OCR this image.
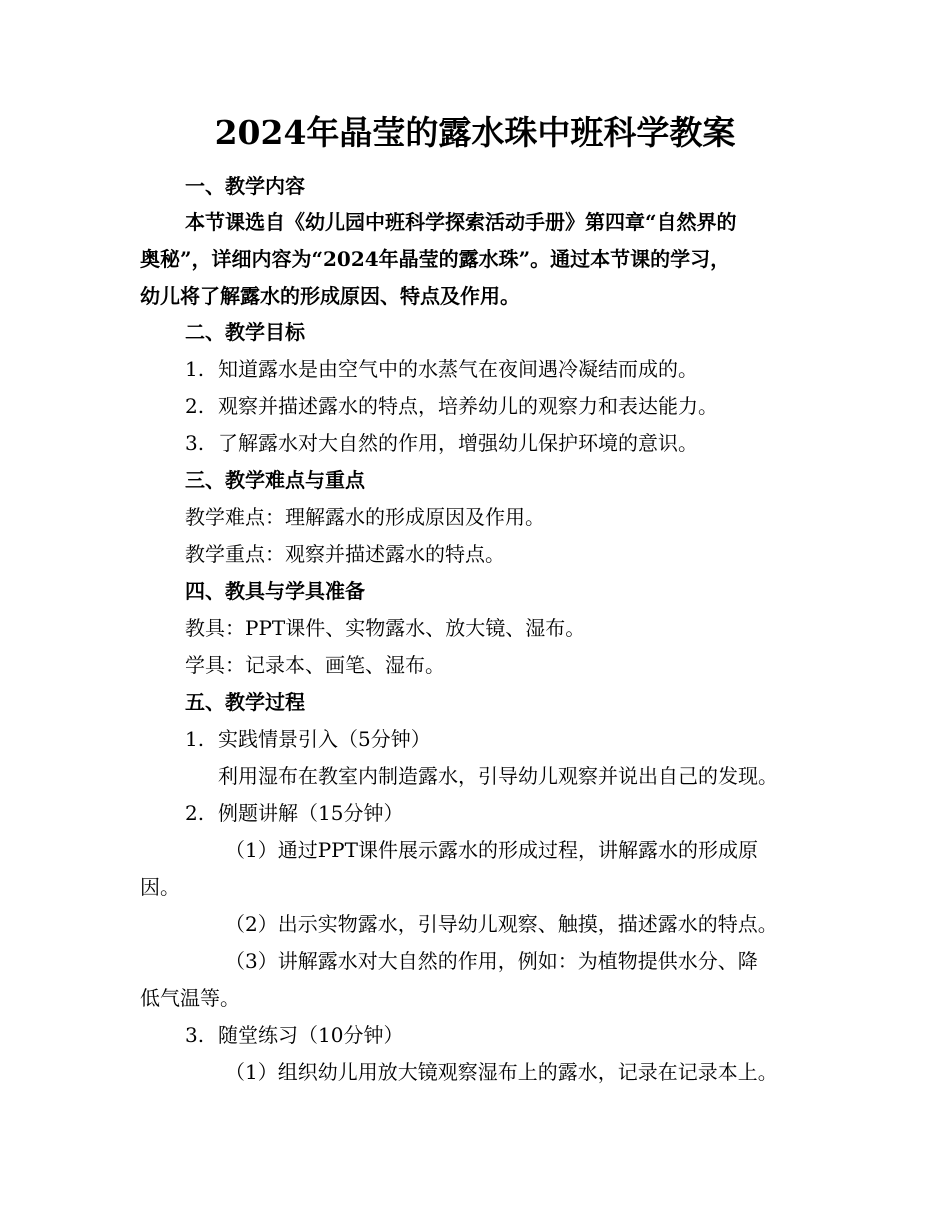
2024年晶莹的露水珠中班科学教案
一、教学内容
本节课选自《幼儿园中班科学探索活动手册》第四章“自然界的
奥秘”，详细内容为“2024年晶莹的露水珠”。通过本节课的学习，
幼儿将了解露水的形成原因、特点及作用。
二、教学目标
1. 知道露水是由空气中的水蒸气在夜间遇冷凝结而成的。
2. 观察并描述露水的特点，培养幼儿的观察力和表达能力。
3. 了解露水对大自然的作用，增强幼儿保护环境的意识。
三、教学难点与重点
教学难点：理解露水的形成原因及作用。
教学重点：观察并描述露水的特点。
四、教具与学具准备
教具：PPT课件、实物露水、放大镜、湿布。
学具：记录本、画笔、湿布。
五、教学过程
1. 实践情景引入（5分钟）
利用湿布在教室内制造露水，引导幼儿观察并说出自己的发现。
2. 例题讲解（15分钟）
（1）通过PPT课件展示露水的形成过程，讲解露水的形成原
因。
（2）出示实物露水，引导幼儿观察、触摸，描述露水的特点。
（3）讲解露水对大自然的作用，例如：为植物提供水分、降
低气温等。
3. 随堂练习（10分钟）
（1）组织幼儿用放大镜观察湿布上的露水，记录在记录本上。
